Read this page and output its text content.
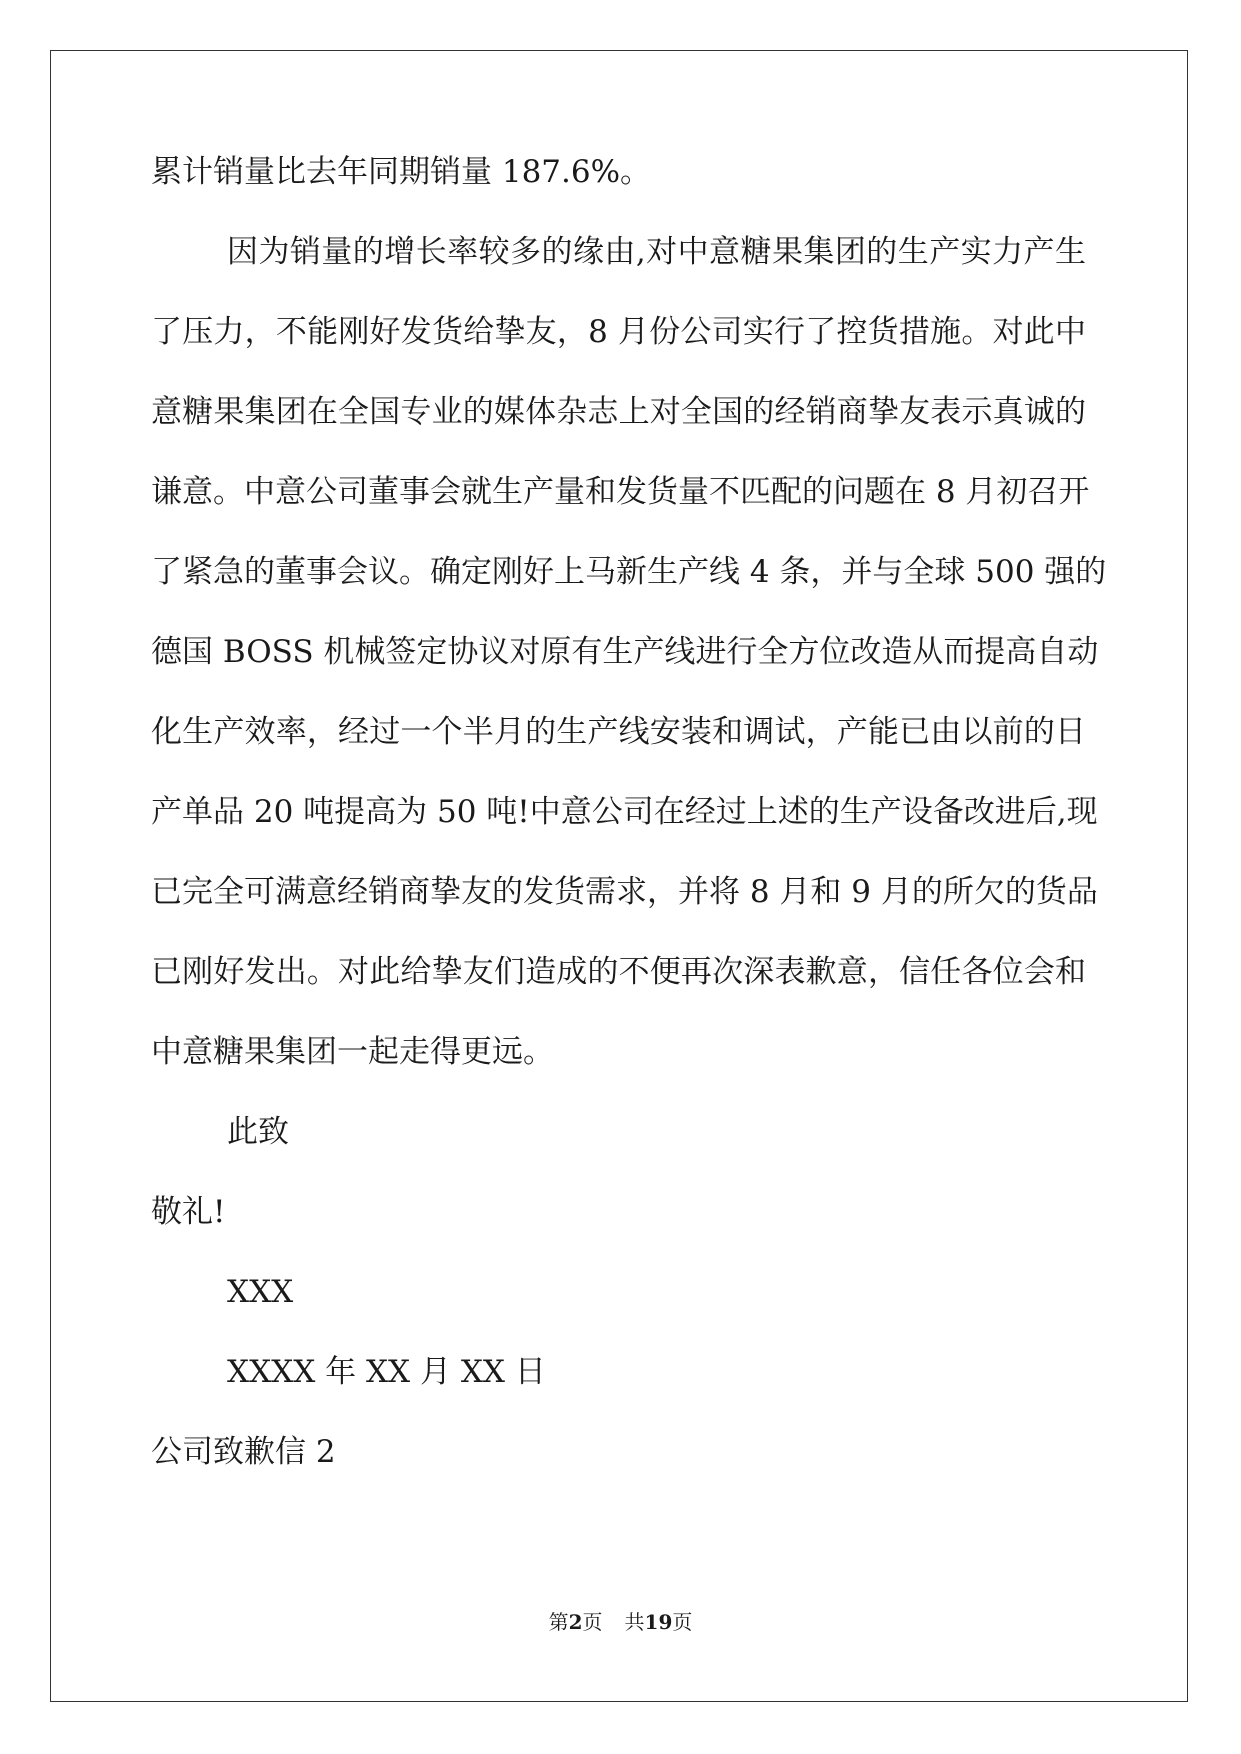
累计销量比去年同期销量 187.6%。
因为销量的增长率较多的缘由,对中意糖果集团的生产实力产生
了压力，不能刚好发货给挚友，8 月份公司实行了控货措施。对此中
意糖果集团在全国专业的媒体杂志上对全国的经销商挚友表示真诚的
谦意。中意公司董事会就生产量和发货量不匹配的问题在 8 月初召开
了紧急的董事会议。确定刚好上马新生产线 4 条，并与全球 500 强的
德国 BOSS 机械签定协议对原有生产线进行全方位改造从而提高自动
化生产效率，经过一个半月的生产线安装和调试，产能已由以前的日
产单品 20 吨提高为 50 吨!中意公司在经过上述的生产设备改进后,现
已完全可满意经销商挚友的发货需求，并将 8 月和 9 月的所欠的货品
已刚好发出。对此给挚友们造成的不便再次深表歉意，信任各位会和
中意糖果集团一起走得更远。
此致
敬礼!
XXX
XXXX 年 XX 月 XX 日
公司致歉信 2
第2页 共19页
